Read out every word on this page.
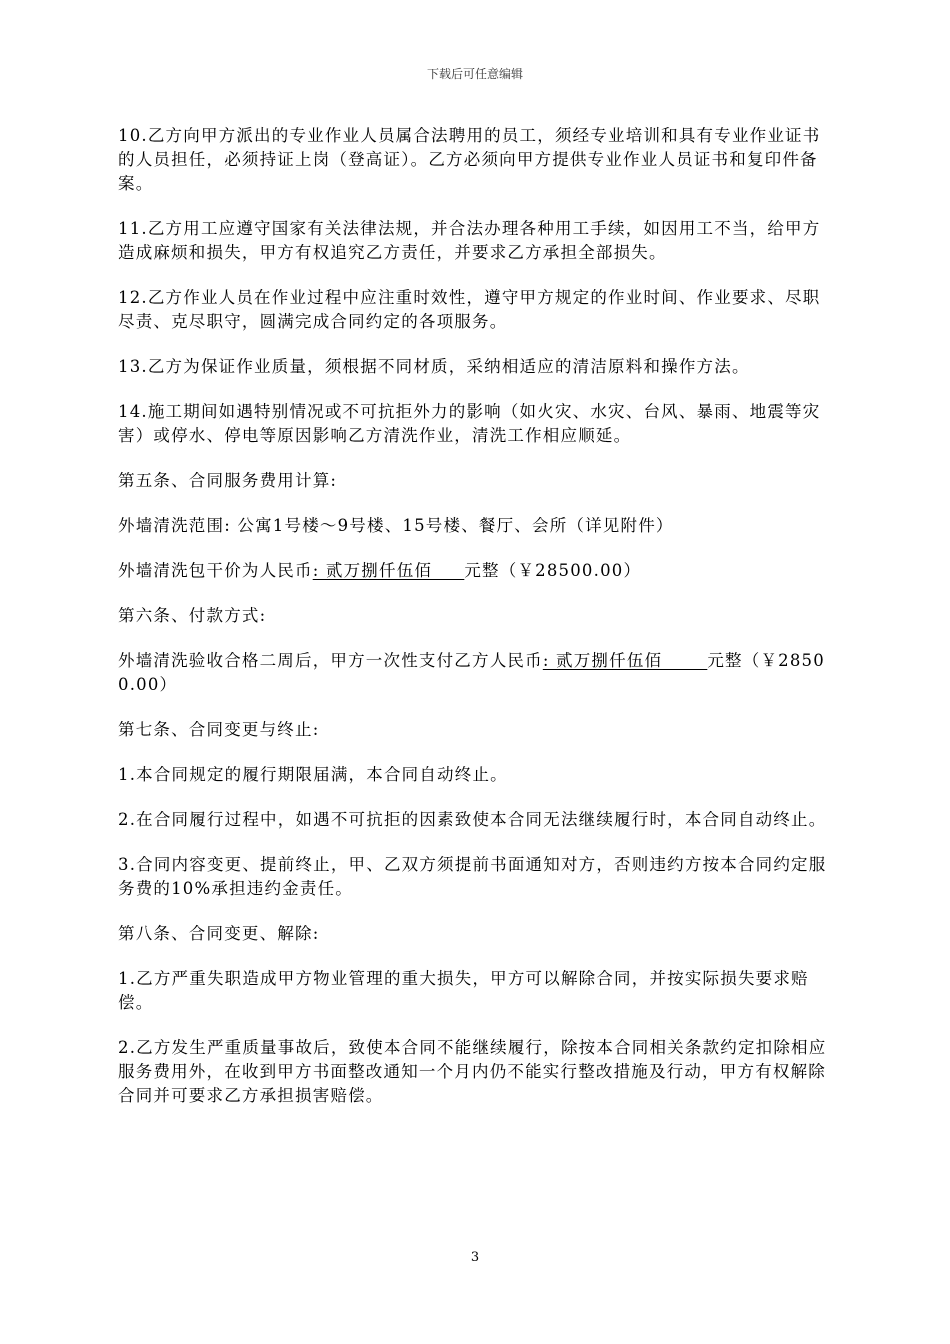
下载后可任意编辑

10.乙方向甲方派出的专业作业人员属合法聘用的员工，须经专业培训和具有专业作业证书的人员担任，必须持证上岗（登高证）。乙方必须向甲方提供专业作业人员证书和复印件备案。

11.乙方用工应遵守国家有关法律法规，并合法办理各种用工手续，如因用工不当，给甲方造成麻烦和损失，甲方有权追究乙方责任，并要求乙方承担全部损失。

12.乙方作业人员在作业过程中应注重时效性，遵守甲方规定的作业时间、作业要求、尽职尽责、克尽职守，圆满完成合同约定的各项服务。

13.乙方为保证作业质量，须根据不同材质，采纳相适应的清洁原料和操作方法。

14.施工期间如遇特别情况或不可抗拒外力的影响（如火灾、水灾、台风、暴雨、地震等灾害）或停水、停电等原因影响乙方清洗作业，清洗工作相应顺延。

第五条、合同服务费用计算:

外墙清洗范围: 公寓1号楼～9号楼、15号楼、餐厅、会所（详见附件）

外墙清洗包干价为人民币: 贰万捌仟伍佰     元整（￥28500.00）

第六条、付款方式:

外墙清洗验收合格二周后，甲方一次性支付乙方人民币: 贰万捌仟伍佰       元整（￥28500.00）

第七条、合同变更与终止:

1.本合同规定的履行期限届满，本合同自动终止。

2.在合同履行过程中，如遇不可抗拒的因素致使本合同无法继续履行时，本合同自动终止。

3.合同内容变更、提前终止，甲、乙双方须提前书面通知对方，否则违约方按本合同约定服务费的10%承担违约金责任。

第八条、合同变更、解除:

1.乙方严重失职造成甲方物业管理的重大损失，甲方可以解除合同，并按实际损失要求赔偿。

2.乙方发生严重质量事故后，致使本合同不能继续履行，除按本合同相关条款约定扣除相应服务费用外，在收到甲方书面整改通知一个月内仍不能实行整改措施及行动，甲方有权解除合同并可要求乙方承担损害赔偿。

3
